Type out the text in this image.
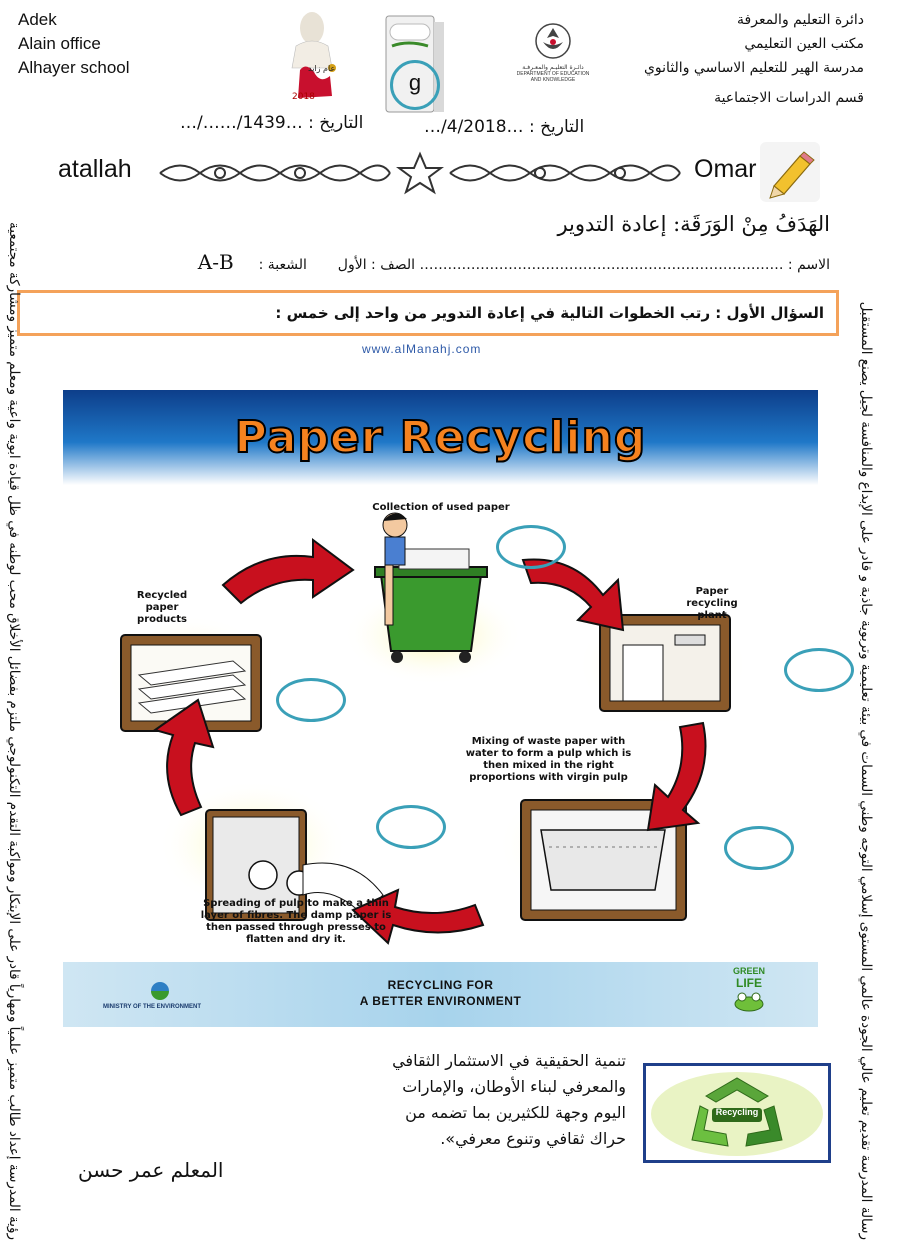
Adek
Alain office
Alhayer school
دائرة التعليم والمعرفة
مكتب العين التعليمي
مدرسة الهير للتعليم الاساسي والثانوي
قسم الدراسات الاجتماعية
2018
عام زايد
g
دائـرة التعليـم والمعـرفـة
DEPARTMENT OF EDUCATION
AND KNOWLEDGE
التاريخ : …1439/……/…	التاريخ : …4/2018/…
atallah	Omar
الهَدَفُ مِنْ الوَرَقَة: إعادة التدوير
الاسم : …………………………………………………………………… الصف : الأول  الشعبة :  A-B
السؤال الأول : رتب الخطوات التالية في إعادة التدوير من واحد إلى خمس :
www.alManahj.com
رؤية المدرسة إعداد طالب متميز علمياً ومهارياً قادر على الإبتكار ومواكبة التقدم التكنولوجي ملتزم بفضائل الأخلاق محب لوطنه في ظل قيادة ابوية واعية ومعلم متميز ومشاركة مجتمعية	رسالة المدرسة تقديم تعليم عالي الجودة عالمي المستوى إسلامي التوجه وطني السمات في بيئة تعليمية وتربوية جاذبة و قادر على الإبداع والمنافسة لجيل يصنع المستقبل
Paper Recycling
Collection of used paper
Paper recycling plant
Recycled paper products
Mixing of waste paper with water to form a pulp which is then mixed in the right proportions with virgin pulp
Spreading of pulp to make a thin layer of fibres. The damp paper is then passed through presses to flatten and dry it.
MINISTRY OF THE ENVIRONMENT
RECYCLING FOR
A BETTER ENVIRONMENT
GREEN
LIFE
تنمية الحقيقية في الاستثمار الثقافي
والمعرفي لبناء الأوطان، والإمارات
اليوم وجهة للكثيرين بما تضمه من
حراك ثقافي وتنوع معرفي».
Recycling
المعلم عمر حسن
